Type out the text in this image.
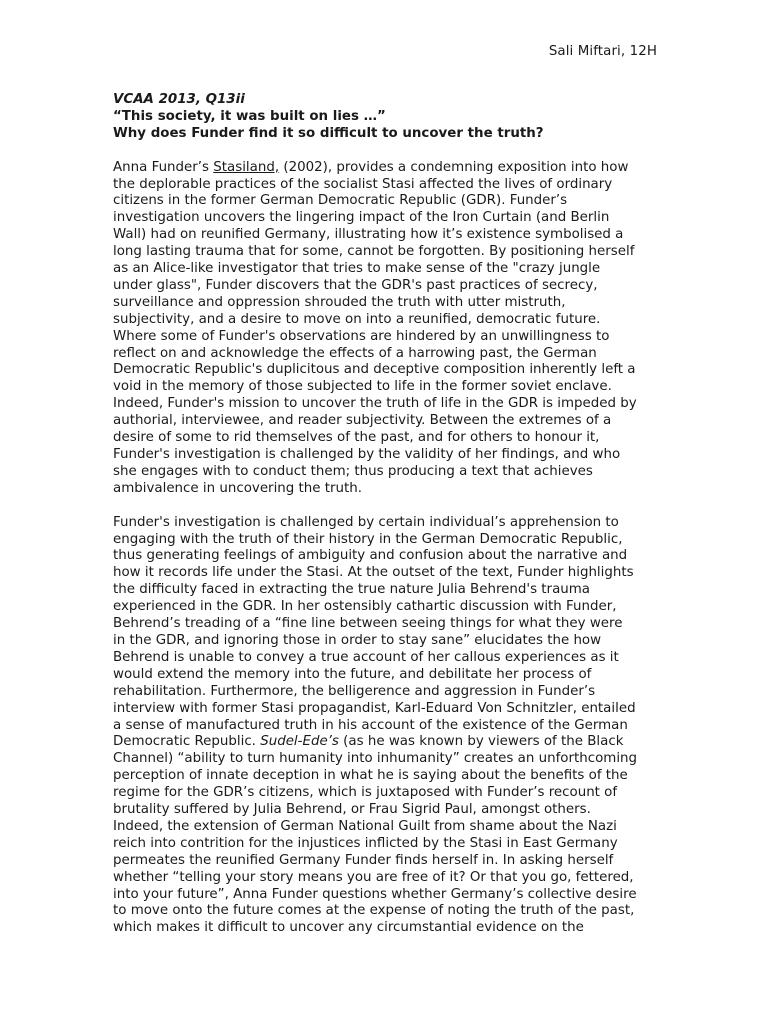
Sali Miftari, 12H
VCAA 2013, Q13ii
“This society, it was built on lies …”
Why does Funder find it so difficult to uncover the truth?
Anna Funder’s Stasiland, (2002), provides a condemning exposition into how
the deplorable practices of the socialist Stasi affected the lives of ordinary
citizens in the former German Democratic Republic (GDR). Funder’s
investigation uncovers the lingering impact of the Iron Curtain (and Berlin
Wall) had on reunified Germany, illustrating how it’s existence symbolised a
long lasting trauma that for some, cannot be forgotten. By positioning herself
as an Alice-like investigator that tries to make sense of the "crazy jungle
under glass", Funder discovers that the GDR's past practices of secrecy,
surveillance and oppression shrouded the truth with utter mistruth,
subjectivity, and a desire to move on into a reunified, democratic future.
Where some of Funder's observations are hindered by an unwillingness to
reflect on and acknowledge the effects of a harrowing past, the German
Democratic Republic's duplicitous and deceptive composition inherently left a
void in the memory of those subjected to life in the former soviet enclave.
Indeed, Funder's mission to uncover the truth of life in the GDR is impeded by
authorial, interviewee, and reader subjectivity. Between the extremes of a
desire of some to rid themselves of the past, and for others to honour it,
Funder's investigation is challenged by the validity of her findings, and who
she engages with to conduct them; thus producing a text that achieves
ambivalence in uncovering the truth.
Funder's investigation is challenged by certain individual’s apprehension to
engaging with the truth of their history in the German Democratic Republic,
thus generating feelings of ambiguity and confusion about the narrative and
how it records life under the Stasi. At the outset of the text, Funder highlights
the difficulty faced in extracting the true nature Julia Behrend's trauma
experienced in the GDR. In her ostensibly cathartic discussion with Funder,
Behrend’s treading of a “fine line between seeing things for what they were
in the GDR, and ignoring those in order to stay sane” elucidates the how
Behrend is unable to convey a true account of her callous experiences as it
would extend the memory into the future, and debilitate her process of
rehabilitation. Furthermore, the belligerence and aggression in Funder’s
interview with former Stasi propagandist, Karl-Eduard Von Schnitzler, entailed
a sense of manufactured truth in his account of the existence of the German
Democratic Republic. Sudel-Ede’s (as he was known by viewers of the Black
Channel) “ability to turn humanity into inhumanity” creates an unforthcoming
perception of innate deception in what he is saying about the benefits of the
regime for the GDR’s citizens, which is juxtaposed with Funder’s recount of
brutality suffered by Julia Behrend, or Frau Sigrid Paul, amongst others.
Indeed, the extension of German National Guilt from shame about the Nazi
reich into contrition for the injustices inflicted by the Stasi in East Germany
permeates the reunified Germany Funder finds herself in. In asking herself
whether “telling your story means you are free of it? Or that you go, fettered,
into your future”, Anna Funder questions whether Germany’s collective desire
to move onto the future comes at the expense of noting the truth of the past,
which makes it difficult to uncover any circumstantial evidence on the
